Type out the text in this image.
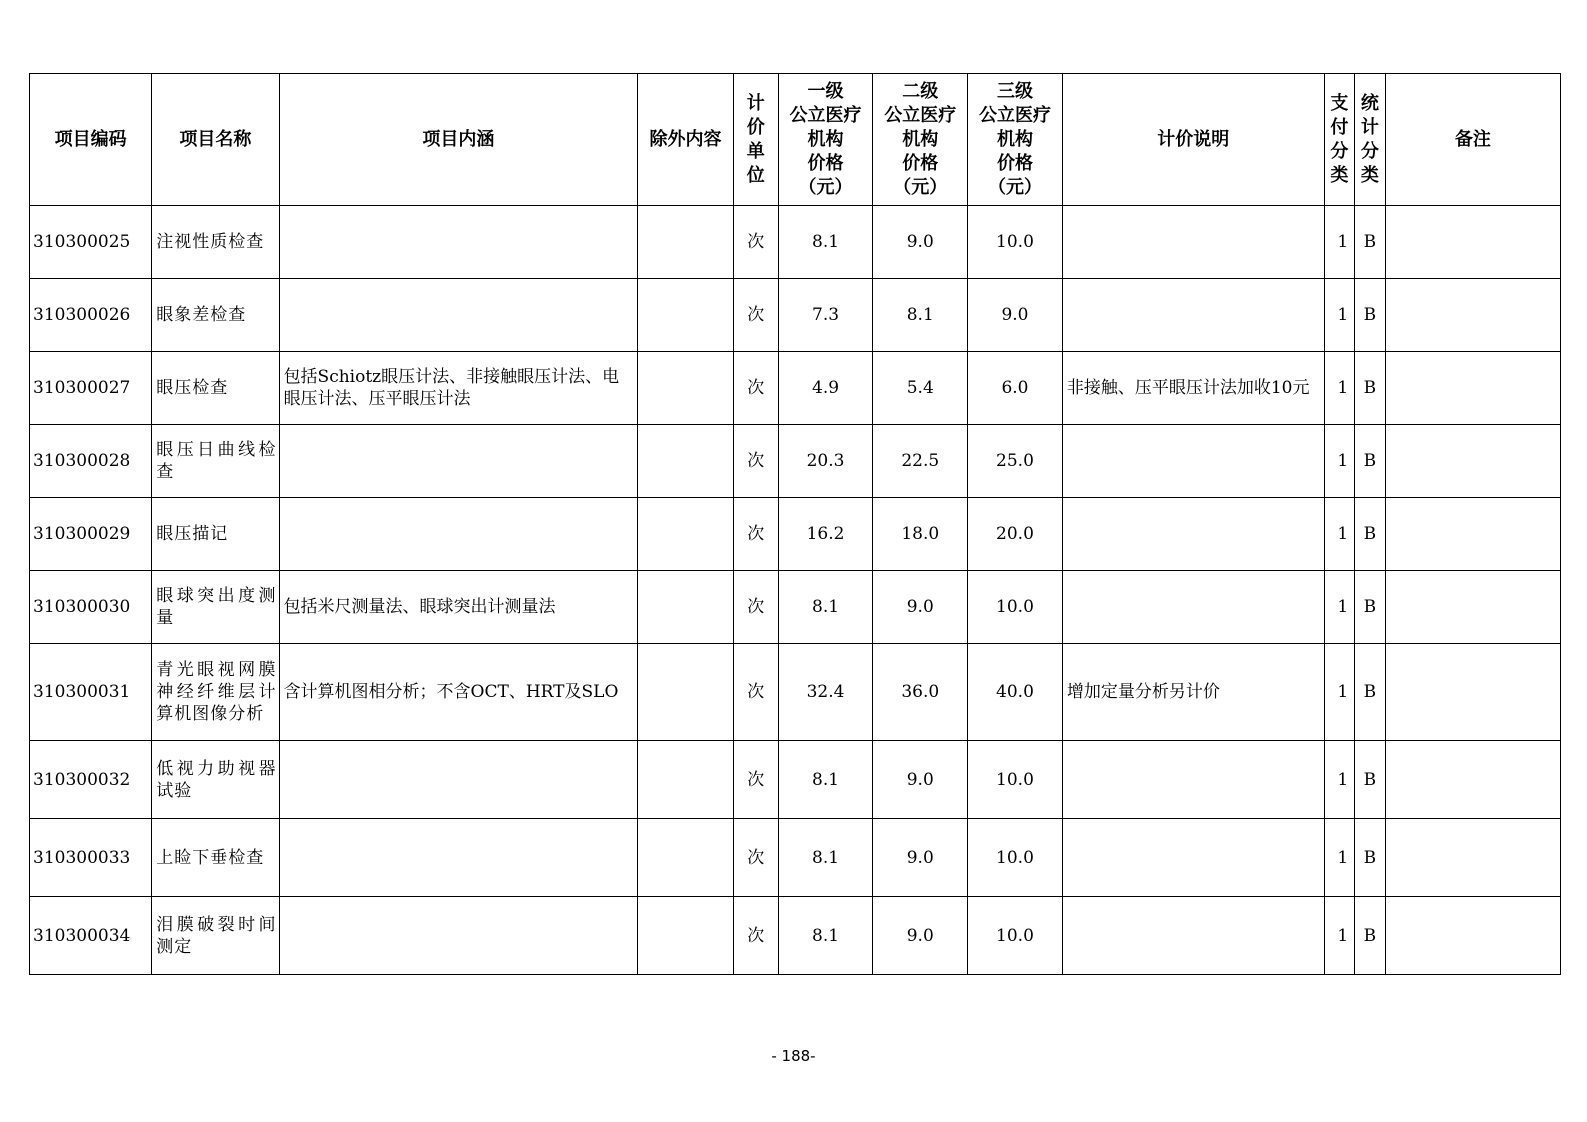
项目编码	项目名称	项目内涵	除外内容	计
价
单
位	一级
公立医疗
机构
价格
（元）	二级
公立医疗
机构
价格
（元）	三级
公立医疗
机构
价格
（元）	计价说明	支
付
分
类	统
计
分
类	备注

310300025	注视性质检查			次	8.1	9.0	10.0		1	B	
310300026	眼象差检查			次	7.3	8.1	9.0		1	B	
310300027	眼压检查	包括Schiotz眼压计法、非接触眼压计法、电眼压计法、压平眼压计法		次	4.9	5.4	6.0	非接触、压平眼压计法加收10元	1	B	
310300028	眼压日曲线检查			次	20.3	22.5	25.0		1	B	
310300029	眼压描记			次	16.2	18.0	20.0		1	B	
310300030	眼球突出度测量	包括米尺测量法、眼球突出计测量法		次	8.1	9.0	10.0		1	B	
310300031	青光眼视网膜神经纤维层计算机图像分析	含计算机图相分析；不含OCT、HRT及SLO		次	32.4	36.0	40.0	增加定量分析另计价	1	B	
310300032	低视力助视器试验			次	8.1	9.0	10.0		1	B	
310300033	上睑下垂检查			次	8.1	9.0	10.0		1	B	
310300034	泪膜破裂时间测定			次	8.1	9.0	10.0		1	B	
- 188-
